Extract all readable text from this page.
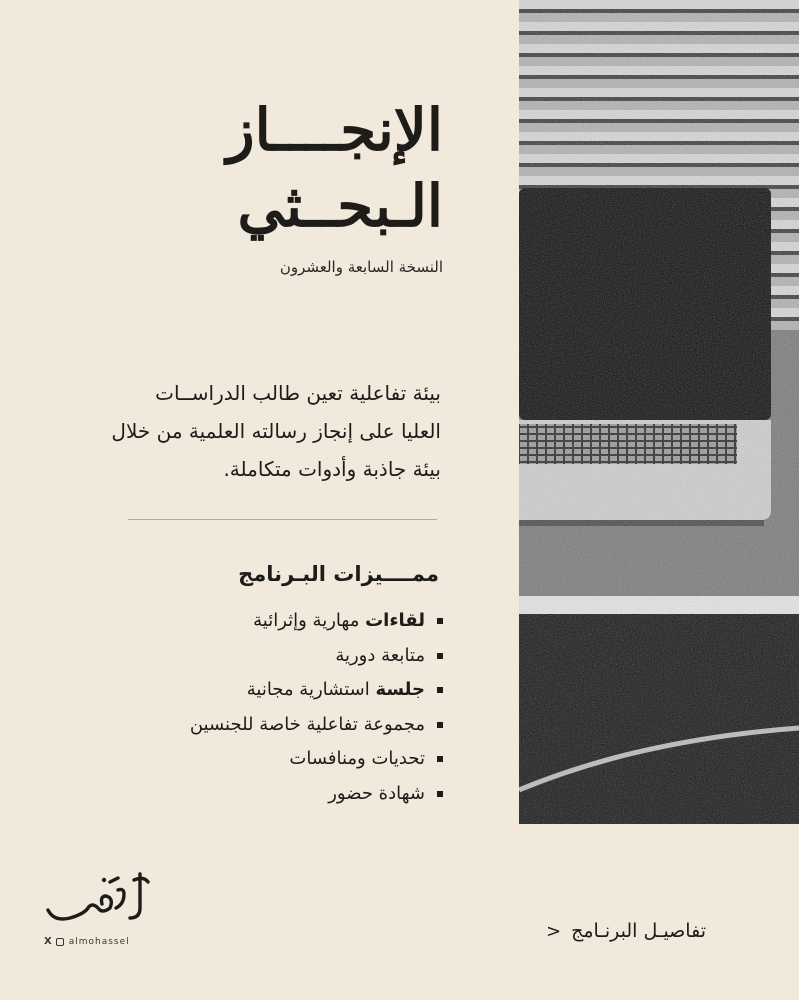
الإنجــــاز
الـبحــثي
النسخة السابعة والعشرون

بيئة تفاعلية تعين طالب الدراســات العليا على إنجاز رسالته العلمية من خلال بيئة جاذبة وأدوات متكاملة.

ممــــيزات البـرنامج
لقاءات مهارية وإثرائية
متابعة دورية
جلسة استشارية مجانية
مجموعة تفاعلية خاصة للجنسين
تحديات ومنافسات
شهادة حضور
X almohassel	تفاصيـل البرنـامج
<
